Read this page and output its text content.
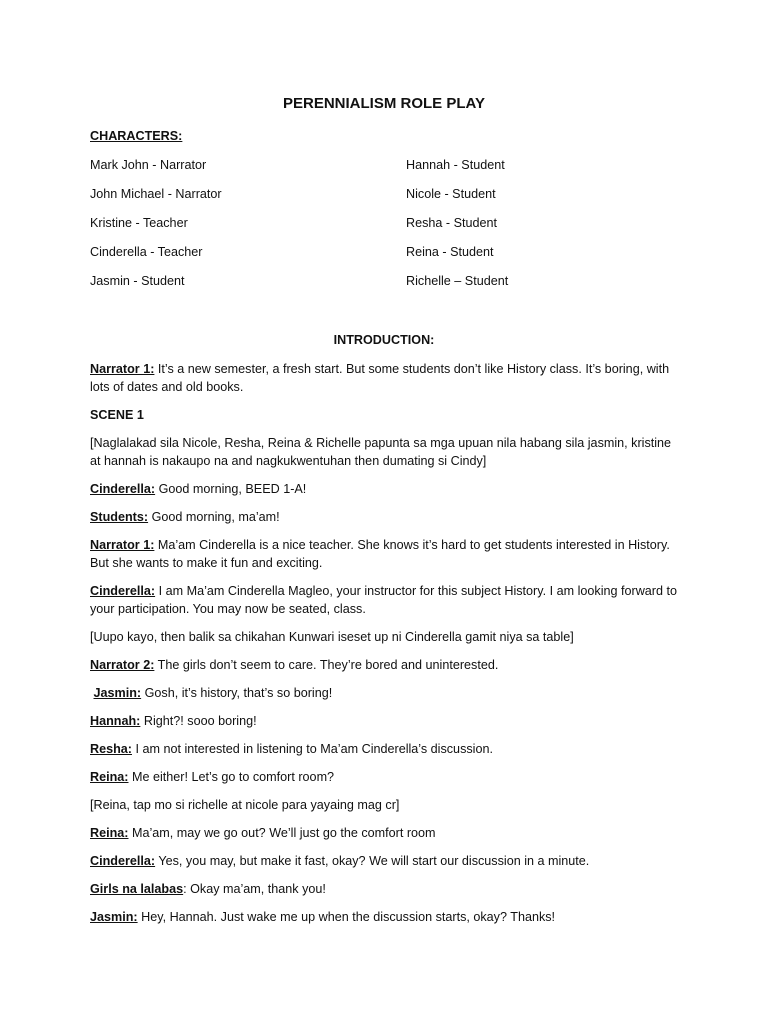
PERENNIALISM ROLE PLAY
CHARACTERS:
Mark John - Narrator
John Michael - Narrator
Kristine - Teacher
Cinderella - Teacher
Jasmin - Student
Hannah - Student
Nicole - Student
Resha - Student
Reina - Student
Richelle – Student
INTRODUCTION:

Narrator 1: It’s a new semester, a fresh start. But some students don’t like History class. It’s boring, with lots of dates and old books.

SCENE 1

[Naglalakad sila Nicole, Resha, Reina & Richelle papunta sa mga upuan nila habang sila jasmin, kristine at hannah is nakaupo na and nagkukwentuhan then dumating si Cindy]

Cinderella: Good morning, BEED 1-A!

Students: Good morning, ma’am!

Narrator 1: Ma’am Cinderella is a nice teacher. She knows it’s hard to get students interested in History. But she wants to make it fun and exciting.

Cinderella: I am Ma’am Cinderella Magleo, your instructor for this subject History. I am looking forward to your participation. You may now be seated, class.

[Uupo kayo, then balik sa chikahan Kunwari iseset up ni Cinderella gamit niya sa table]

Narrator 2: The girls don’t seem to care. They’re bored and uninterested.

Jasmin: Gosh, it’s history, that’s so boring!

Hannah: Right?! sooo boring!

Resha: I am not interested in listening to Ma’am Cinderella’s discussion.

Reina: Me either! Let’s go to comfort room?

[Reina, tap mo si richelle at nicole para yayaing mag cr]

Reina: Ma’am, may we go out? We’ll just go the comfort room

Cinderella: Yes, you may, but make it fast, okay? We will start our discussion in a minute.

Girls na lalabas: Okay ma’am, thank you!

Jasmin: Hey, Hannah. Just wake me up when the discussion starts, okay? Thanks!
